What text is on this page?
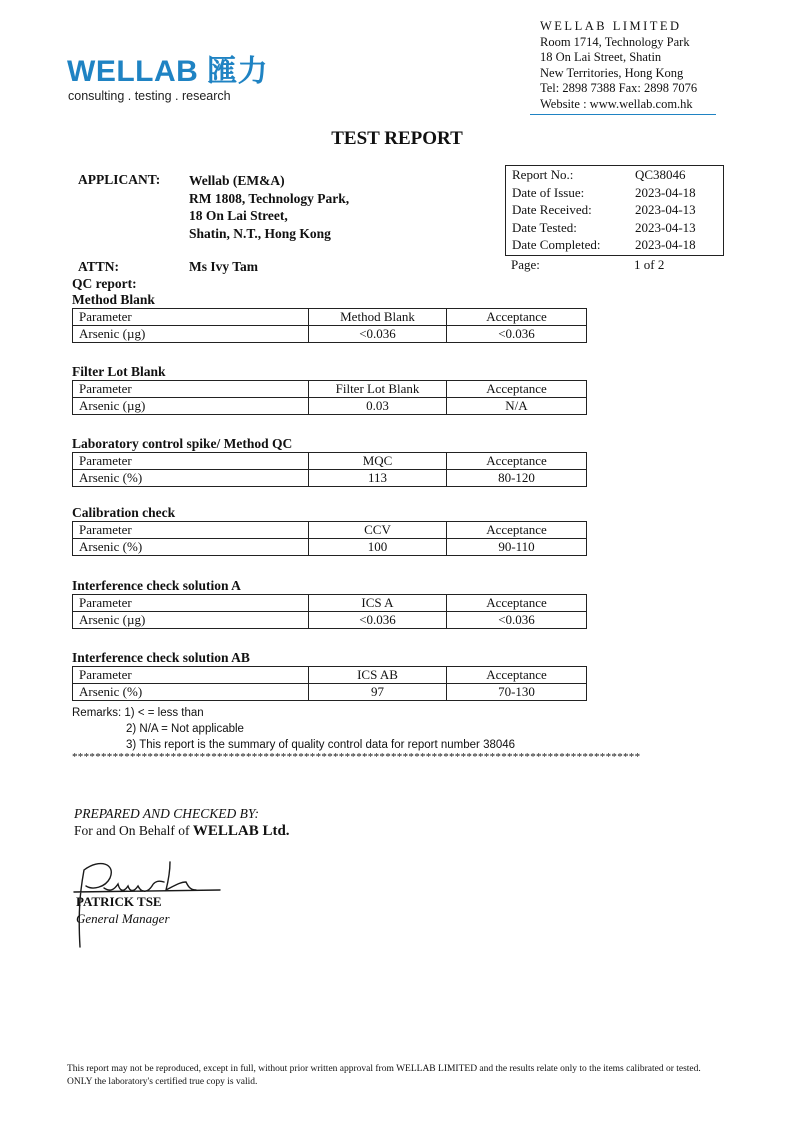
WELLAB 匯力
consulting . testing . research
WELLAB LIMITED
Room 1714, Technology Park
18 On Lai Street, Shatin
New Territories, Hong Kong
Tel: 2898 7388 Fax: 2898 7076
Website : www.wellab.com.hk
TEST REPORT
APPLICANT: Wellab (EM&A)
RM 1808, Technology Park,
18 On Lai Street,
Shatin, N.T., Hong Kong
ATTN:	Ms Ivy Tam
Report No.:	QC38046
Date of Issue:	2023-04-18
Date Received:	2023-04-13
Date Tested:	2023-04-13
Date Completed:	2023-04-18
Page:	1 of 2
QC report:
Method Blank
Parameter	Method Blank	Acceptance
Arsenic (µg)	<0.036	<0.036
Filter Lot Blank
Parameter	Filter Lot Blank	Acceptance
Arsenic (µg)	0.03	N/A
Laboratory control spike/ Method QC
Parameter	MQC	Acceptance
Arsenic (%)	113	80-120
Calibration check
Parameter	CCV	Acceptance
Arsenic (%)	100	90-110
Interference check solution A
Parameter	ICS A	Acceptance
Arsenic (µg)	<0.036	<0.036
Interference check solution AB
Parameter	ICS AB	Acceptance
Arsenic (%)	97	70-130
Remarks: 1) < = less than
2) N/A = Not applicable
3) This report is the summary of quality control data for report number 38046
**************************************************************************************************
PREPARED AND CHECKED BY:
For and On Behalf of WELLAB Ltd.
PATRICK TSE
General Manager
This report may not be reproduced, except in full, without prior written approval from WELLAB LIMITED and the results relate only to the items calibrated or tested. ONLY the laboratory's certified true copy is valid.
